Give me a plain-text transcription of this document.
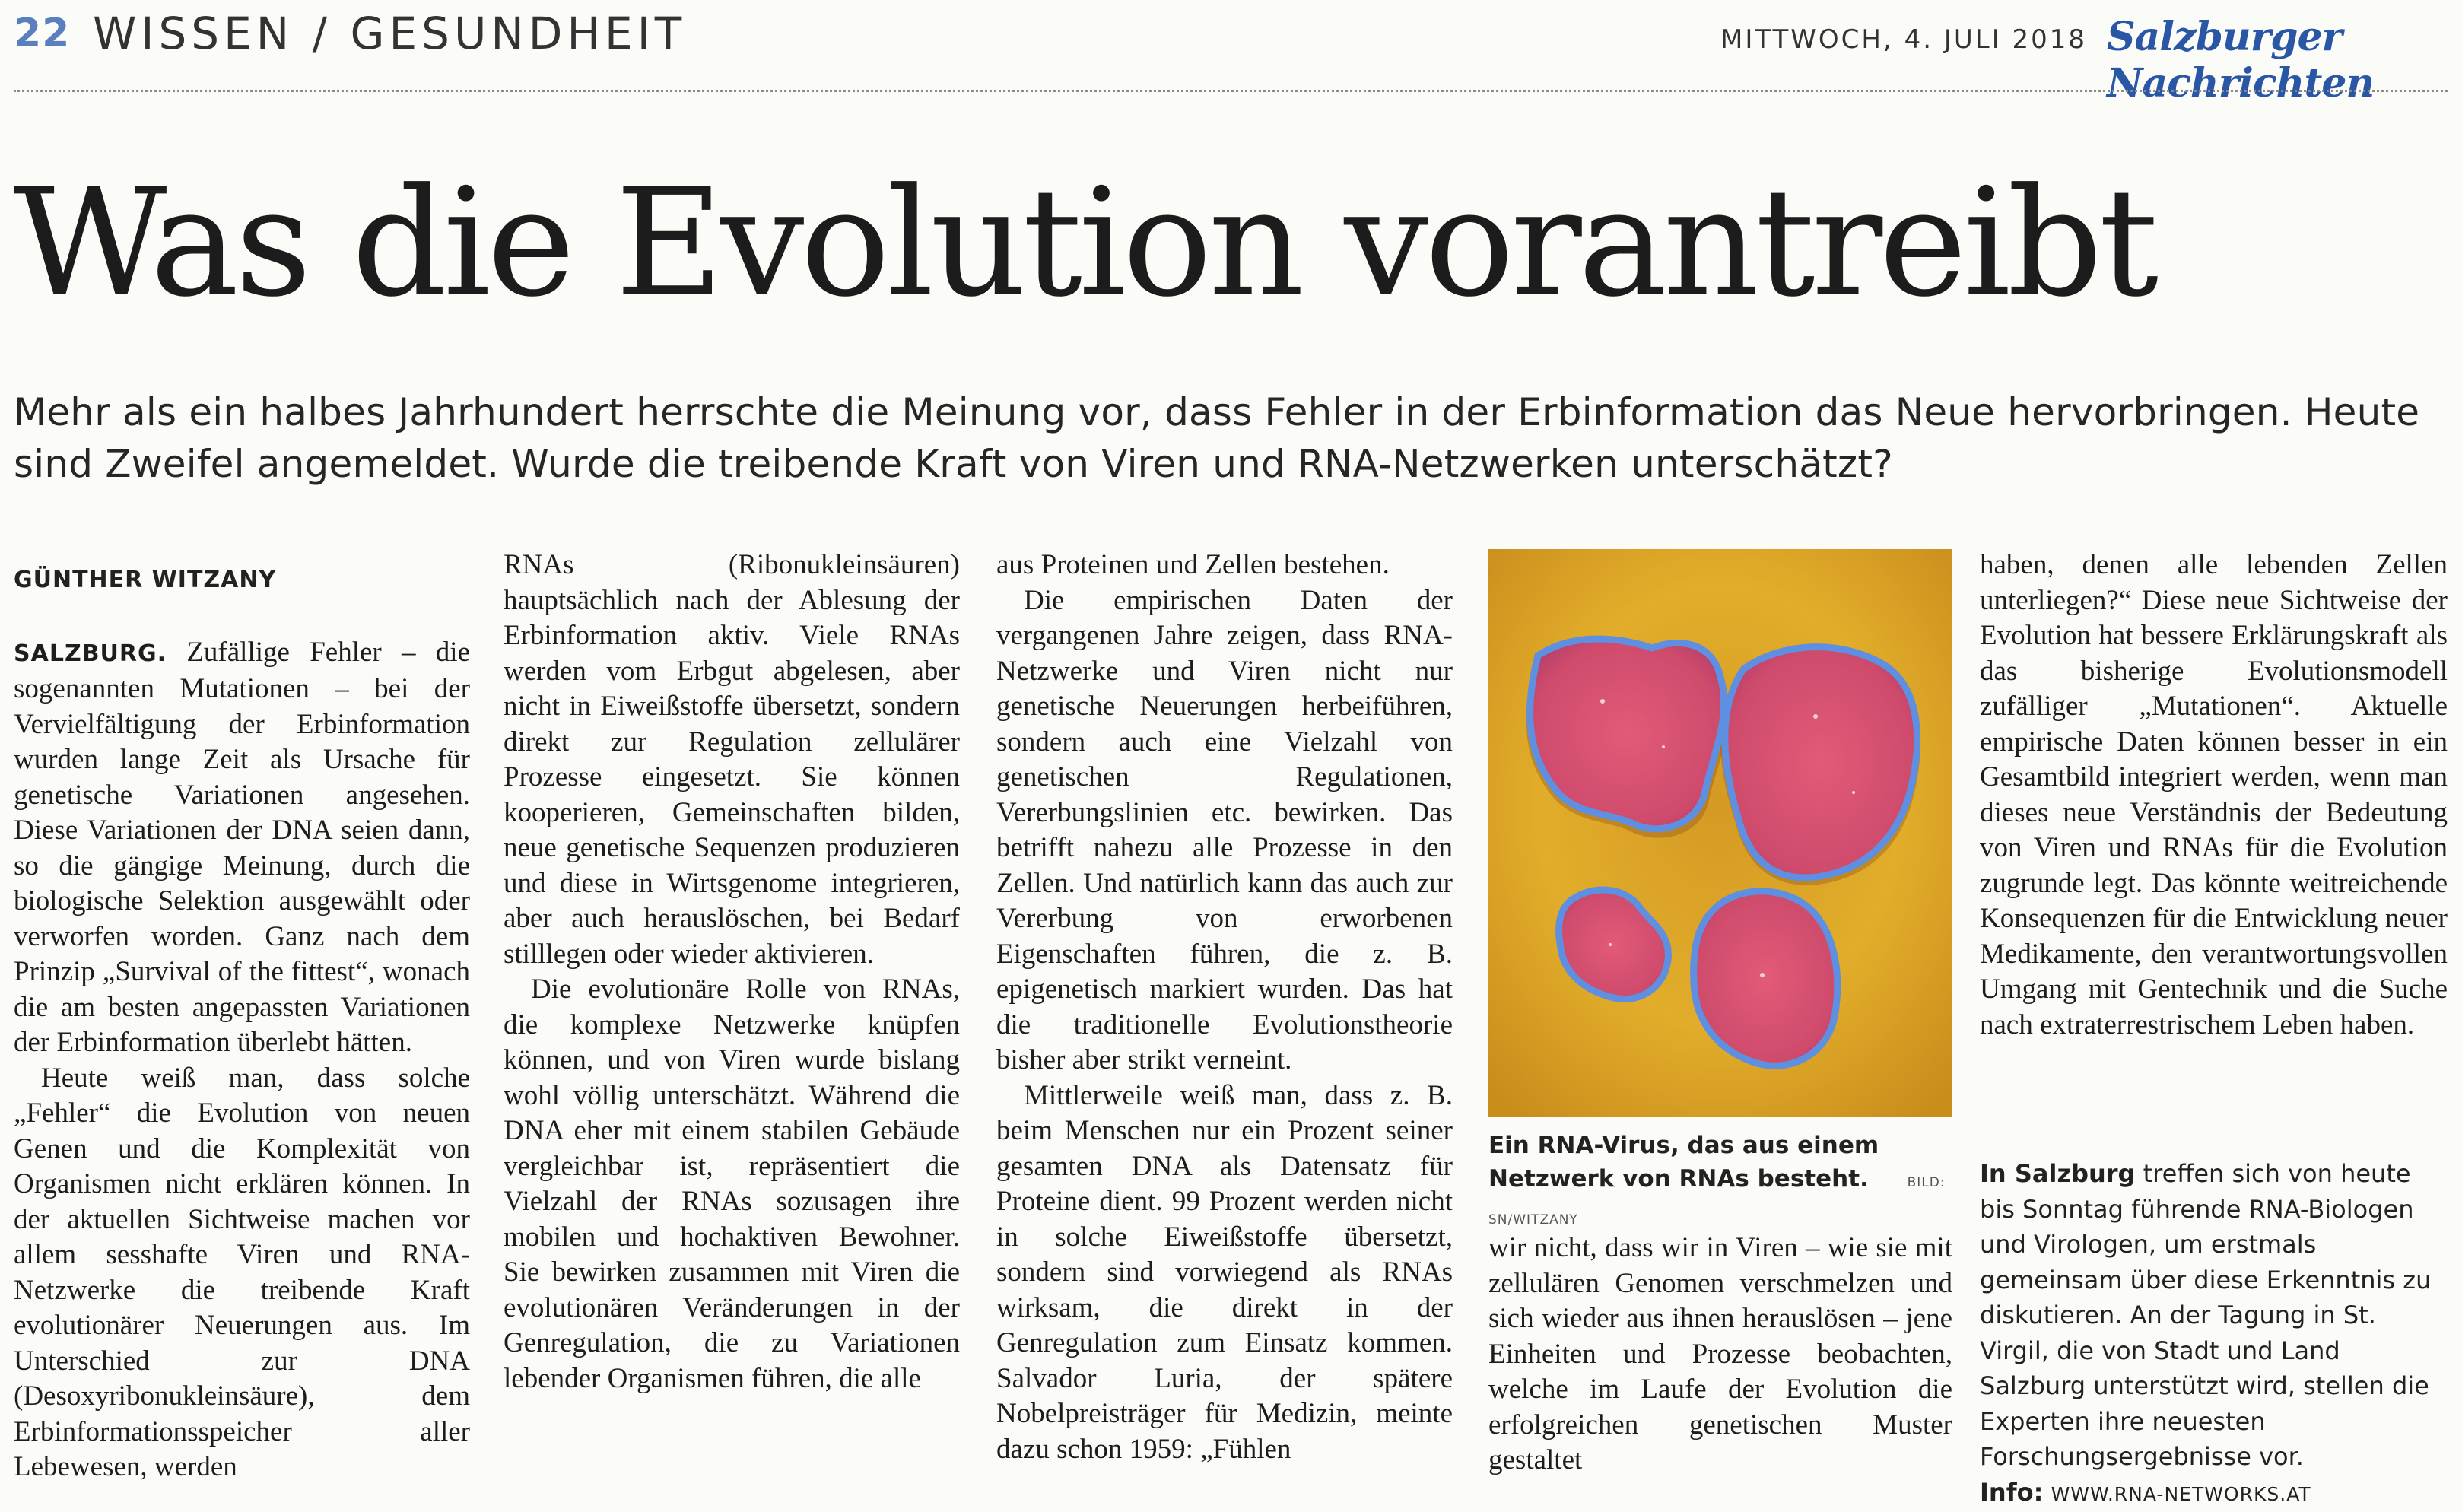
22 WISSEN / GESUNDHEIT	MITTWOCH, 4. JULI 2018 Salzburger Nachrichten
Was die Evolution vorantreibt

Mehr als ein halbes Jahrhundert herrschte die Meinung vor, dass Fehler in der Erbinformation das Neue hervorbringen. Heute sind Zweifel angemeldet. Wurde die treibende Kraft von Viren und RNA-Netzwerken unterschätzt?

GÜNTHER WITZANY

SALZBURG. Zufällige Fehler – die sogenannten Mutationen – bei der Vervielfältigung der Erbinformation wurden lange Zeit als Ursache für genetische Variationen angesehen. Diese Variationen der DNA seien dann, so die gängige Meinung, durch die biologische Selektion ausgewählt oder verworfen worden. Ganz nach dem Prinzip „Survival of the fittest“, wonach die am besten angepassten Variationen der Erbinformation überlebt hätten.

Heute weiß man, dass solche „Fehler“ die Evolution von neuen Genen und die Komplexität von Organismen nicht erklären können. In der aktuellen Sichtweise machen vor allem sesshafte Viren und RNA-Netzwerke die treibende Kraft evolutionärer Neuerungen aus. Im Unterschied zur DNA (Desoxyribonukleinsäure), dem Erbinformationsspeicher aller Lebewesen, werden

RNAs (Ribonukleinsäuren) hauptsächlich nach der Ablesung der Erbinformation aktiv. Viele RNAs werden vom Erbgut abgelesen, aber nicht in Eiweißstoffe übersetzt, sondern direkt zur Regulation zellulärer Prozesse eingesetzt. Sie können kooperieren, Gemeinschaften bilden, neue genetische Sequenzen produzieren und diese in Wirtsgenome integrieren, aber auch herauslöschen, bei Bedarf stilllegen oder wieder aktivieren.

Die evolutionäre Rolle von RNAs, die komplexe Netzwerke knüpfen können, und von Viren wurde bislang wohl völlig unterschätzt. Während die DNA eher mit einem stabilen Gebäude vergleichbar ist, repräsentiert die Vielzahl der RNAs sozusagen ihre mobilen und hochaktiven Bewohner. Sie bewirken zusammen mit Viren die evolutionären Veränderungen in der Genregulation, die zu Variationen lebender Organismen führen, die alle

aus Proteinen und Zellen bestehen.

Die empirischen Daten der vergangenen Jahre zeigen, dass RNA-Netzwerke und Viren nicht nur genetische Neuerungen herbeiführen, sondern auch eine Vielzahl von genetischen Regulationen, Vererbungslinien etc. bewirken. Das betrifft nahezu alle Prozesse in den Zellen. Und natürlich kann das auch zur Vererbung von erworbenen Eigenschaften führen, die z. B. epigenetisch markiert wurden. Das hat die traditionelle Evolutionstheorie bisher aber strikt verneint.

Mittlerweile weiß man, dass z. B. beim Menschen nur ein Prozent seiner gesamten DNA als Datensatz für Proteine dient. 99 Prozent werden nicht in solche Eiweißstoffe übersetzt, sondern sind vorwiegend als RNAs wirksam, die direkt in der Genregulation zum Einsatz kommen. Salvador Luria, der spätere Nobelpreisträger für Medizin, meinte dazu schon 1959: „Fühlen

Ein RNA-Virus, das aus einem Netzwerk von RNAs besteht.	BILD: SN/WITZANY

wir nicht, dass wir in Viren – wie sie mit zellulären Genomen verschmelzen und sich wieder aus ihnen herauslösen – jene Einheiten und Prozesse beobachten, welche im Laufe der Evolution die erfolgreichen genetischen Muster gestaltet

haben, denen alle lebenden Zellen unterliegen?“ Diese neue Sichtweise der Evolution hat bessere Erklärungskraft als das bisherige Evolutionsmodell zufälliger „Mutationen“. Aktuelle empirische Daten können besser in ein Gesamtbild integriert werden, wenn man dieses neue Verständnis der Bedeutung von Viren und RNAs für die Evolution zugrunde legt. Das könnte weitreichende Konsequenzen für die Entwicklung neuer Medikamente, den verantwortungsvollen Umgang mit Gentechnik und die Suche nach extraterrestrischem Leben haben.

In Salzburg treffen sich von heute bis Sonntag führende RNA-Biologen und Virologen, um erstmals gemeinsam über diese Erkenntnis zu diskutieren. An der Tagung in St. Virgil, die von Stadt und Land Salzburg unterstützt wird, stellen die Experten ihre neuesten Forschungsergebnisse vor.

Info: WWW.RNA-NETWORKS.AT
